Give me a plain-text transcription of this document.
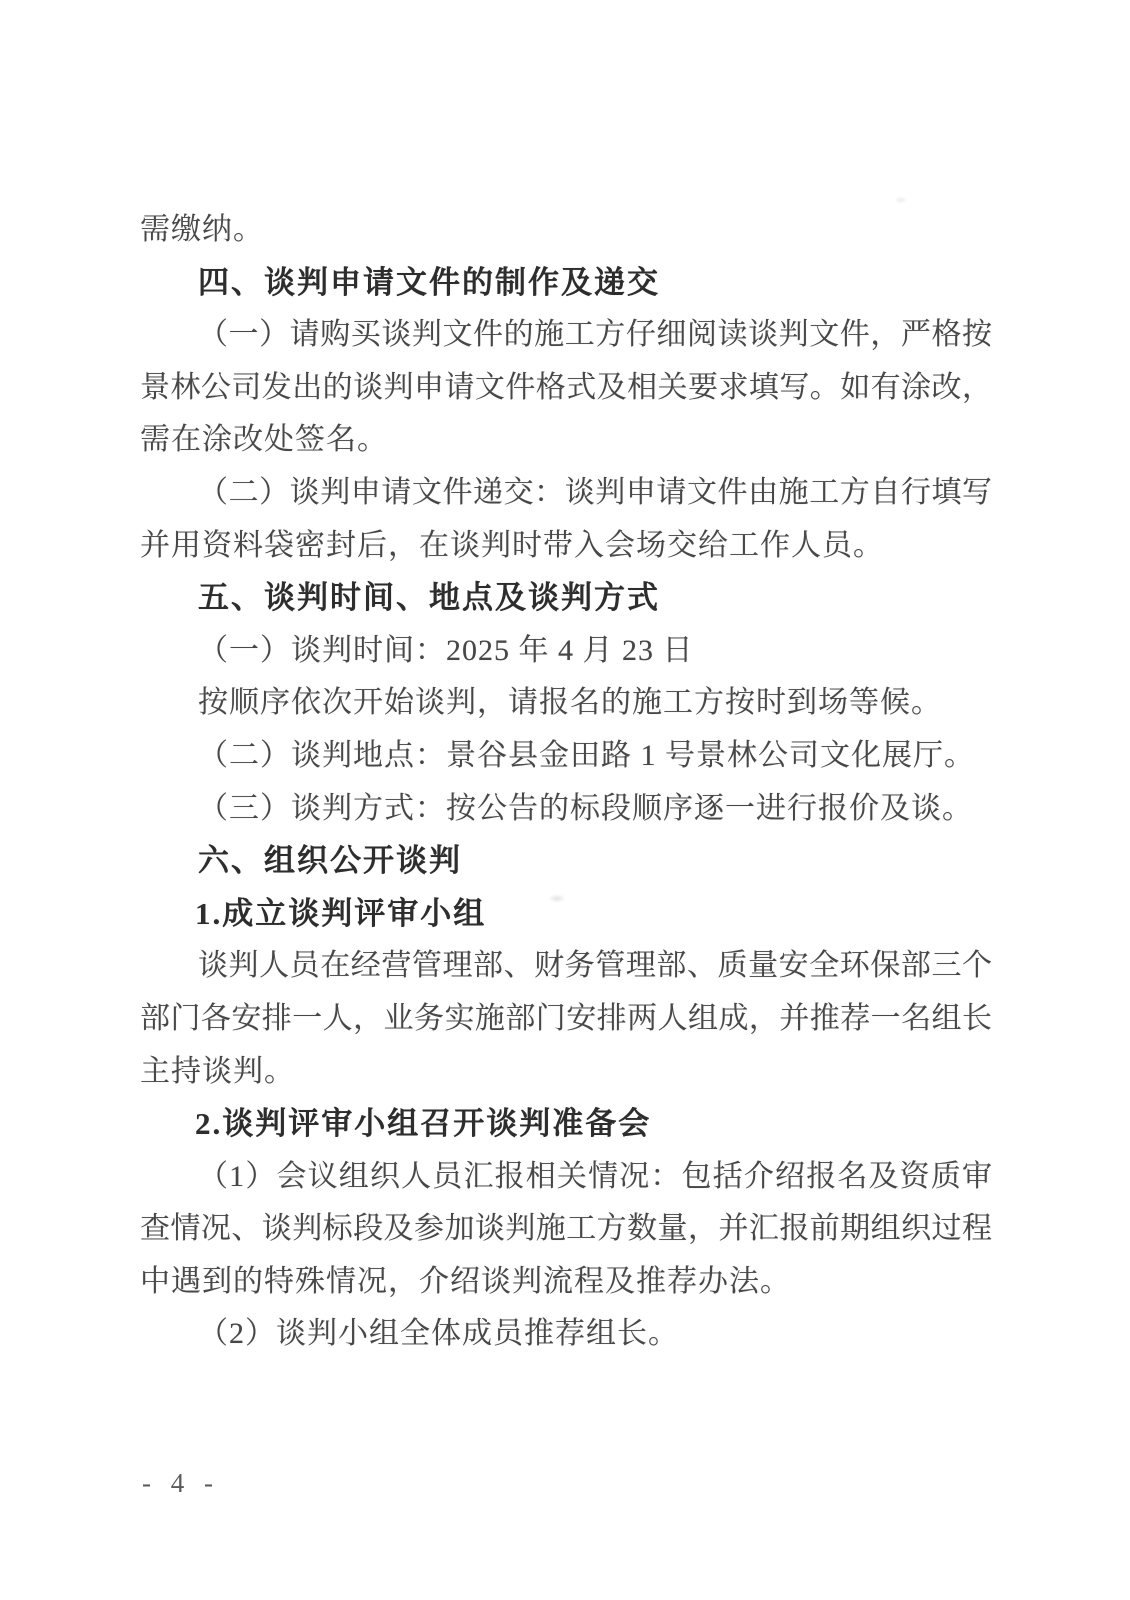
需缴纳。
四、谈判申请文件的制作及递交
（一）请购买谈判文件的施工方仔细阅读谈判文件，严格按
景林公司发出的谈判申请文件格式及相关要求填写。如有涂改，
需在涂改处签名。
（二）谈判申请文件递交：谈判申请文件由施工方自行填写
并用资料袋密封后，在谈判时带入会场交给工作人员。
五、谈判时间、地点及谈判方式
（一）谈判时间：2025 年 4 月 23 日
按顺序依次开始谈判，请报名的施工方按时到场等候。
（二）谈判地点：景谷县金田路 1 号景林公司文化展厅。
（三）谈判方式：按公告的标段顺序逐一进行报价及谈。
六、组织公开谈判
1.成立谈判评审小组
谈判人员在经营管理部、财务管理部、质量安全环保部三个
部门各安排一人，业务实施部门安排两人组成，并推荐一名组长
主持谈判。
2.谈判评审小组召开谈判准备会
（1）会议组织人员汇报相关情况：包括介绍报名及资质审
查情况、谈判标段及参加谈判施工方数量，并汇报前期组织过程
中遇到的特殊情况，介绍谈判流程及推荐办法。
（2）谈判小组全体成员推荐组长。
- 4 -
